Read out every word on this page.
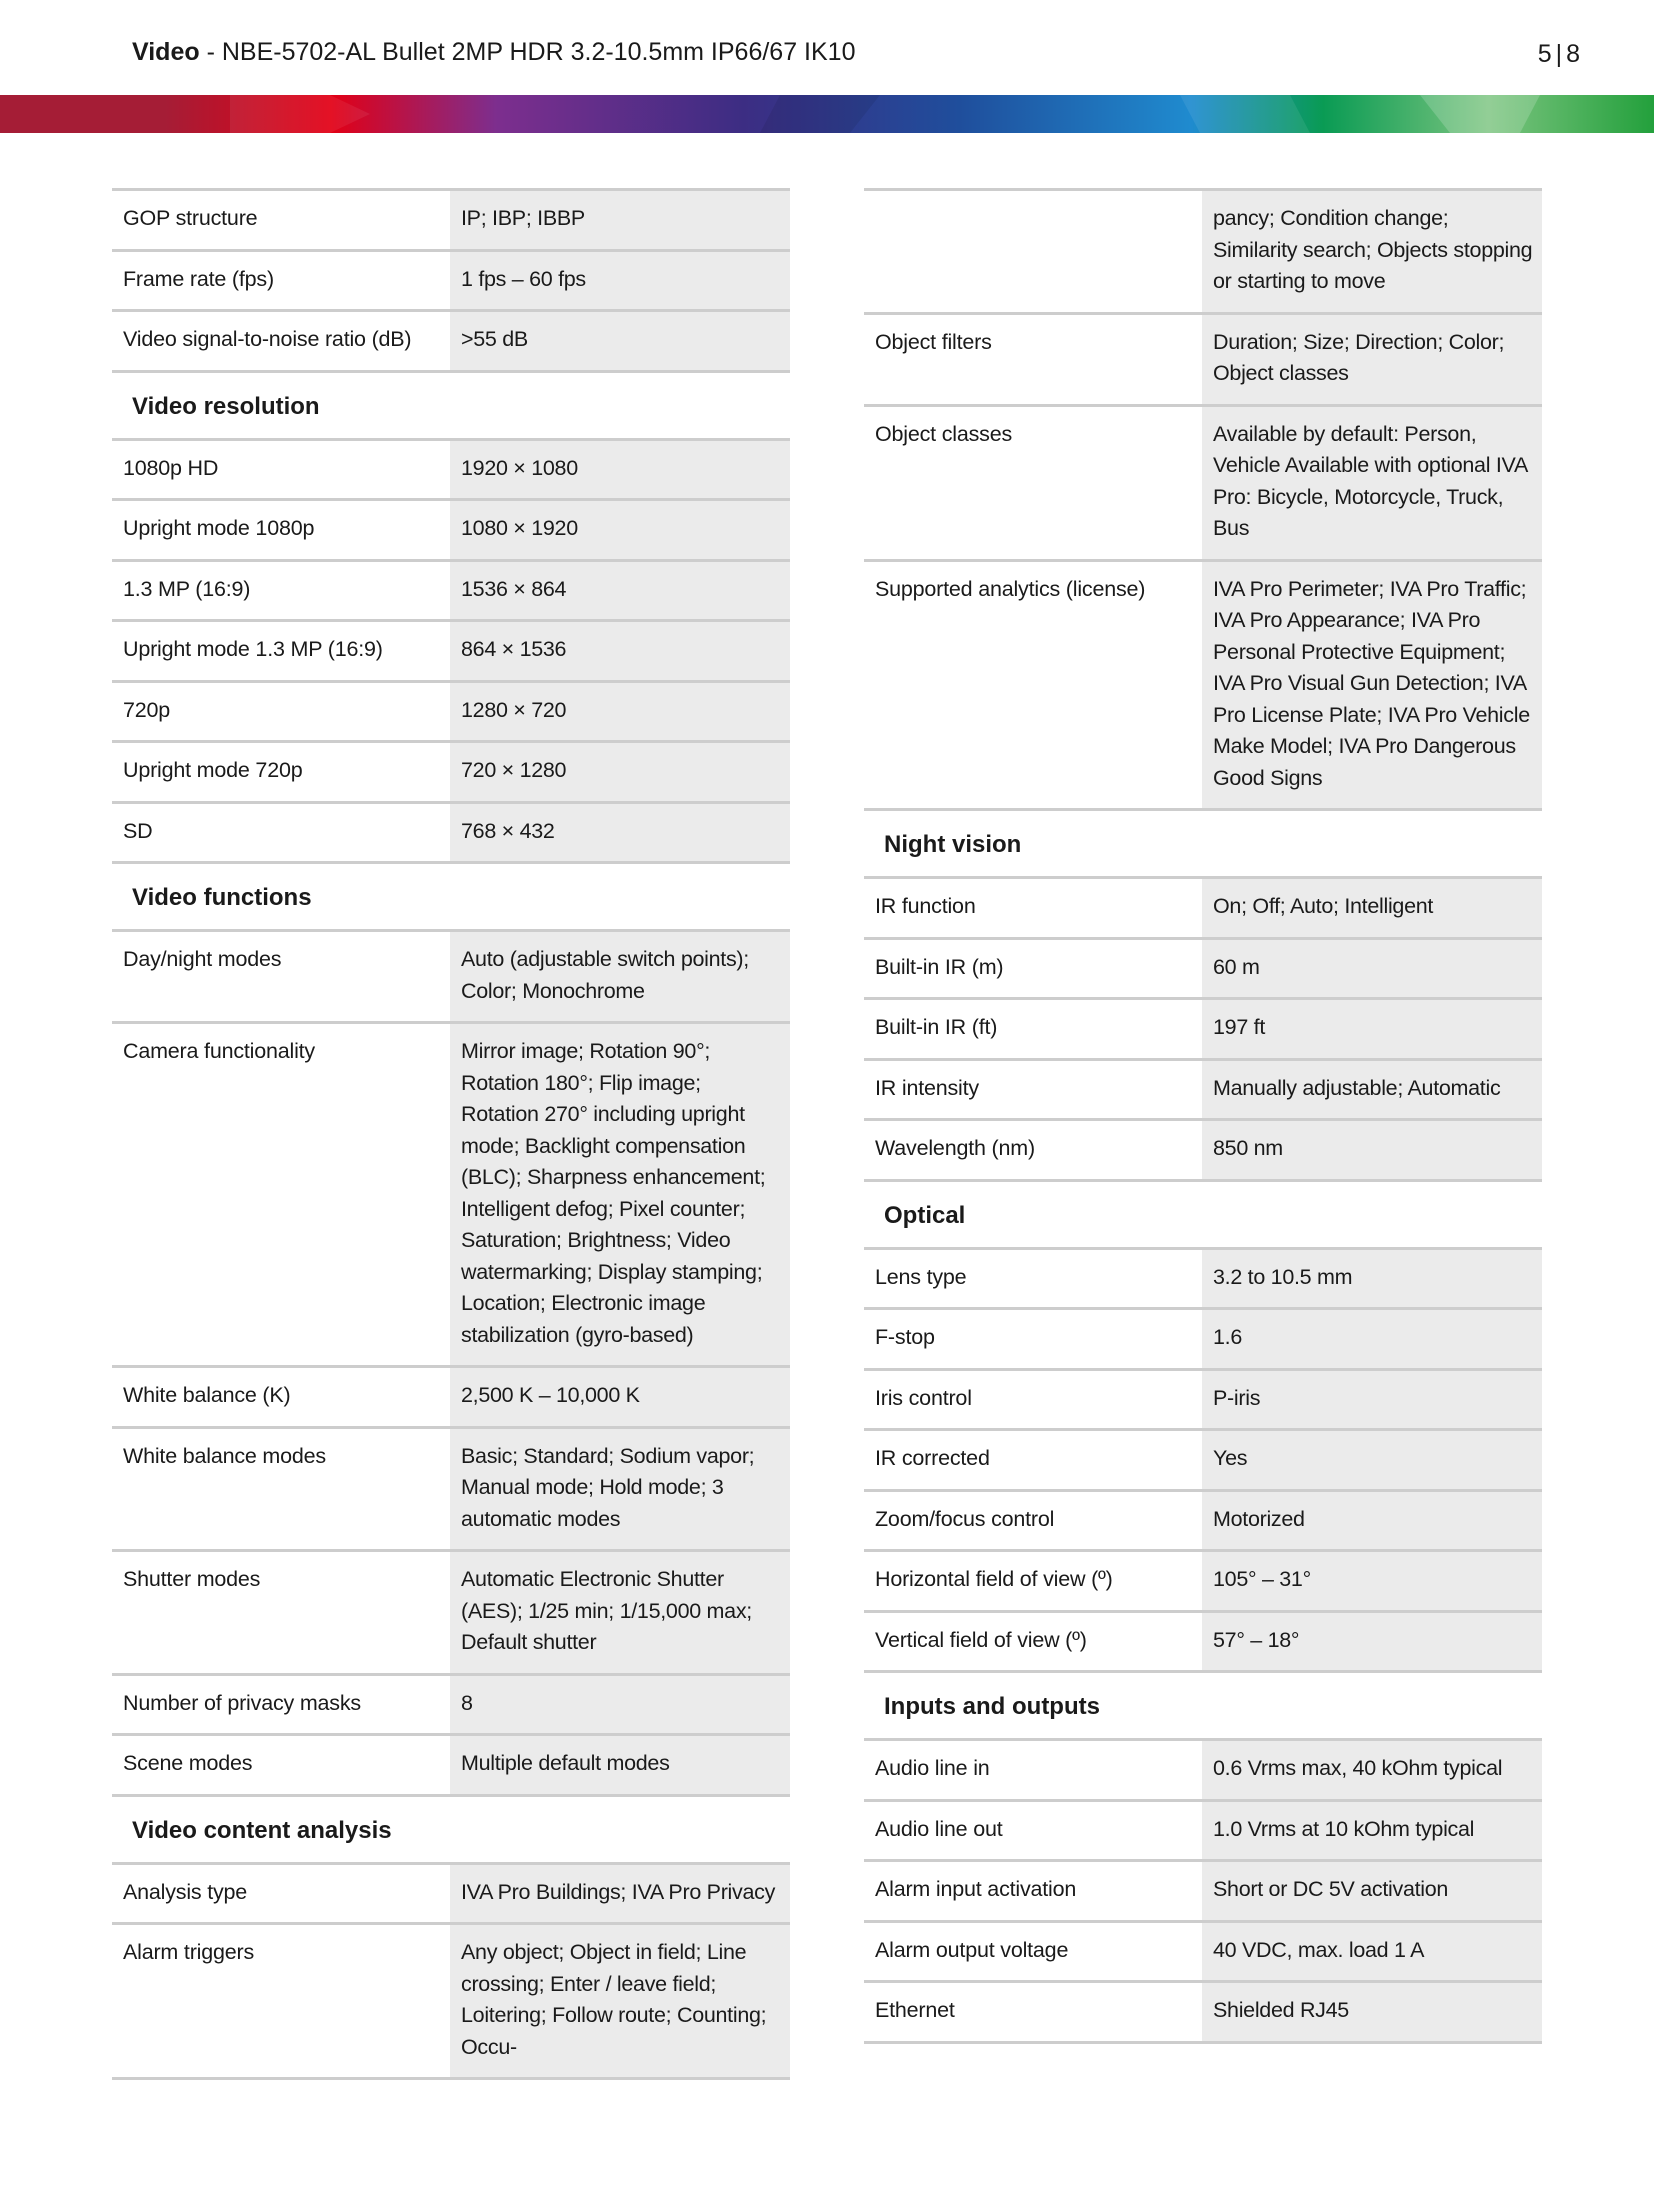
Video - NBE-5702-AL Bullet 2MP HDR 3.2-10.5mm IP66/67 IK10	5 | 8
GOP structure	IP; IBP; IBBP
Frame rate (fps)	1 fps – 60 fps
Video signal-to-noise ratio (dB)	>55 dB
Video resolution
1080p HD	1920 × 1080
Upright mode 1080p	1080 × 1920
1.3 MP (16:9)	1536 × 864
Upright mode 1.3 MP (16:9)	864 × 1536
720p	1280 × 720
Upright mode 720p	720 × 1280
SD	768 × 432
Video functions
Day/night modes	Auto (adjustable switch points); Color; Monochrome
Camera functionality	Mirror image; Rotation 90°; Rotation 180°; Flip image; Rotation 270° including upright mode; Backlight compensation (BLC); Sharpness enhancement; Intelligent defog; Pixel counter; Saturation; Brightness; Video watermarking; Display stamping; Location; Electronic image stabilization (gyro-based)
White balance (K)	2,500 K – 10,000 K
White balance modes	Basic; Standard; Sodium vapor; Manual mode; Hold mode; 3 automatic modes
Shutter modes	Automatic Electronic Shutter (AES); 1/25 min; 1/15,000 max; Default shutter
Number of privacy masks	8
Scene modes	Multiple default modes
Video content analysis
Analysis type	IVA Pro Buildings; IVA Pro Privacy
Alarm triggers	Any object; Object in field; Line crossing; Enter / leave field; Loitering; Follow route; Counting; Occu-
pancy; Condition change; Similarity search; Objects stopping or starting to move
Object filters	Duration; Size; Direction; Color; Object classes
Object classes	Available by default: Person, Vehicle Available with optional IVA Pro: Bicycle, Motorcycle, Truck, Bus
Supported analytics (license)	IVA Pro Perimeter; IVA Pro Traffic; IVA Pro Appearance; IVA Pro Personal Protective Equipment; IVA Pro Visual Gun Detection; IVA Pro License Plate; IVA Pro Vehicle Make Model; IVA Pro Dangerous Good Signs
Night vision
IR function	On; Off; Auto; Intelligent
Built-in IR (m)	60 m
Built-in IR (ft)	197 ft
IR intensity	Manually adjustable; Automatic
Wavelength (nm)	850 nm
Optical
Lens type	3.2 to 10.5 mm
F-stop	1.6
Iris control	P-iris
IR corrected	Yes
Zoom/focus control	Motorized
Horizontal field of view (º)	105° – 31°
Vertical field of view (º)	57° – 18°
Inputs and outputs
Audio line in	0.6 Vrms max, 40 kOhm typical
Audio line out	1.0 Vrms at 10 kOhm typical
Alarm input activation	Short or DC 5V activation
Alarm output voltage	40 VDC, max. load 1 A
Ethernet	Shielded RJ45
